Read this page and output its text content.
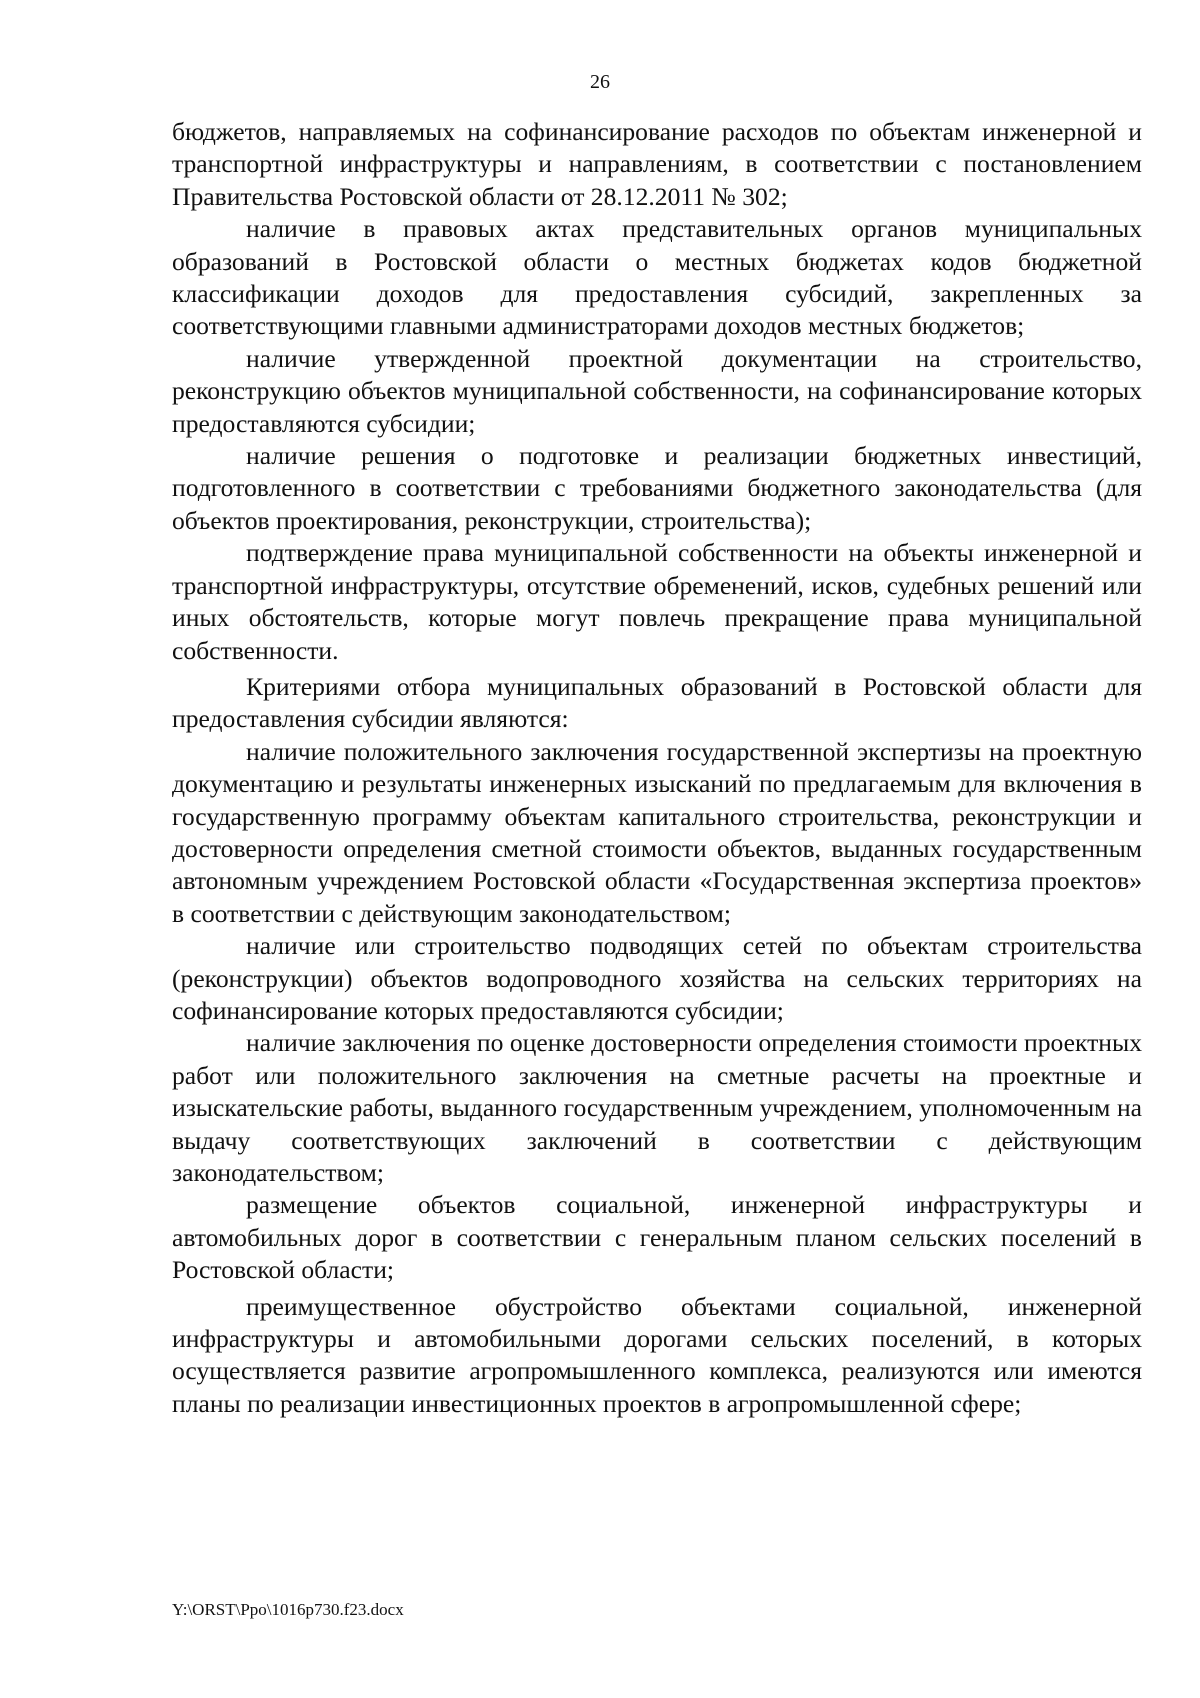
26

бюджетов, направляемых на софинансирование расходов по объектам инженерной и транспортной инфраструктуры и направлениям, в соответствии с постановлением Правительства Ростовской области от 28.12.2011 № 302;

наличие в правовых актах представительных органов муниципальных образований в Ростовской области о местных бюджетах кодов бюджетной классификации доходов для предоставления субсидий, закрепленных за соответствующими главными администраторами доходов местных бюджетов;

наличие утвержденной проектной документации на строительство, реконструкцию объектов муниципальной собственности, на софинансирование которых предоставляются субсидии;

наличие решения о подготовке и реализации бюджетных инвестиций, подготовленного в соответствии с требованиями бюджетного законодательства (для объектов проектирования, реконструкции, строительства);

подтверждение права муниципальной собственности на объекты инженерной и транспортной инфраструктуры, отсутствие обременений, исков, судебных решений или иных обстоятельств, которые могут повлечь прекращение права муниципальной собственности.

Критериями отбора муниципальных образований в Ростовской области для предоставления субсидии являются:

наличие положительного заключения государственной экспертизы на проектную документацию и результаты инженерных изысканий по предлагаемым для включения в государственную программу объектам капитального строительства, реконструкции и достоверности определения сметной стоимости объектов, выданных государственным автономным учреждением Ростовской области «Государственная экспертиза проектов» в соответствии с действующим законодательством;

наличие или строительство подводящих сетей по объектам строительства (реконструкции) объектов водопроводного хозяйства на сельских территориях на софинансирование которых предоставляются субсидии;

наличие заключения по оценке достоверности определения стоимости проектных работ или положительного заключения на сметные расчеты на проектные и изыскательские работы, выданного государственным учреждением, уполномоченным на выдачу соответствующих заключений в соответствии с действующим законодательством;

размещение объектов социальной, инженерной инфраструктуры и автомобильных дорог в соответствии с генеральным планом сельских поселений в Ростовской области;

преимущественное обустройство объектами социальной, инженерной инфраструктуры и автомобильными дорогами сельских поселений, в которых осуществляется развитие агропромышленного комплекса, реализуются или имеются планы по реализации инвестиционных проектов в агропромышленной сфере;

Y:\ORST\Ppo\1016p730.f23.docx
